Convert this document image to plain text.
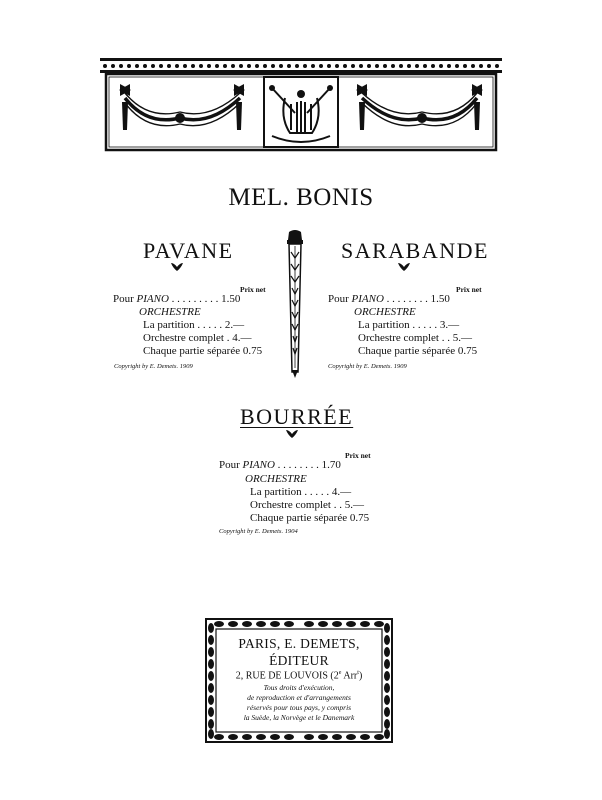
MEL. BONIS
PAVANE
Prix net
Pour PIANO . . . . . . . . . 1.50
ORCHESTRE
La partition . . . . . 2.—
Orchestre complet . 4.—
Chaque partie séparée 0.75
Copyright by E. Demets. 1909
SARABANDE
Prix net
Pour PIANO . . . . . . . . 1.50
ORCHESTRE
La partition . . . . . 3.—
Orchestre complet . . 5.—
Chaque partie séparée 0.75
Copyright by E. Demets. 1909
BOURRÉE
Prix net
Pour PIANO . . . . . . . . 1.70
ORCHESTRE
La partition . . . . . 4.—
Orchestre complet . . 5.—
Chaque partie séparée 0.75
Copyright by E. Demets. 1904
PARIS, E. DEMETS,
ÉDITEUR
2, RUE DE LOUVOIS (2e Arr$^t$)
Tous droits d'exécution,
de reproduction et d'arrangements
réservés pour tous pays, y compris
la Suède, la Norvège et le Danemark
